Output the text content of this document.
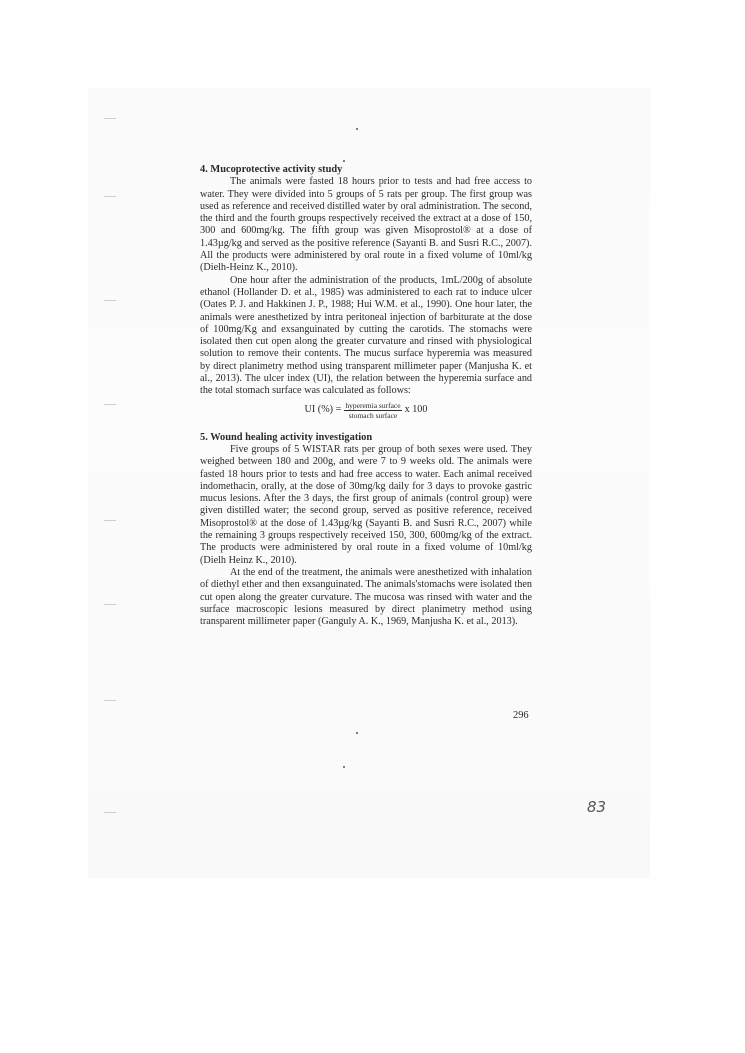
4. Mucoprotective activity study

The animals were fasted 18 hours prior to tests and had free access to water. They were divided into 5 groups of 5 rats per group. The first group was used as reference and received distilled water by oral administration. The second, the third and the fourth groups respectively received the extract at a dose of 150, 300 and 600mg/kg. The fifth group was given Misoprostol® at a dose of 1.43µg/kg and served as the positive reference (Sayanti B. and Susri R.C., 2007). All the products were administered by oral route in a fixed volume of 10ml/kg (Dielh-Heinz K., 2010).

One hour after the administration of the products, 1mL/200g of absolute ethanol (Hollander D. et al., 1985) was administered to each rat to induce ulcer (Oates P. J. and Hakkinen J. P., 1988; Hui W.M. et al., 1990). One hour later, the animals were anesthetized by intra peritoneal injection of barbiturate at the dose of 100mg/Kg and exsanguinated by cutting the carotids. The stomachs were isolated then cut open along the greater curvature and rinsed with physiological solution to remove their contents. The mucus surface hyperemia was measured by direct planimetry method using transparent millimeter paper (Manjusha K. et al., 2013). The ulcer index (UI), the relation between the hyperemia surface and the total stomach surface was calculated as follows:

UI (%) = $\frac{\text{hyperemia surface}}{\text{stomach surface}}$ x 100

5. Wound healing activity investigation

Five groups of 5 WISTAR rats per group of both sexes were used. They weighed between 180 and 200g, and were 7 to 9 weeks old. The animals were fasted 18 hours prior to tests and had free access to water. Each animal received indomethacin, orally, at the dose of 30mg/kg daily for 3 days to provoke gastric mucus lesions. After the 3 days, the first group of animals (control group) were given distilled water; the second group, served as positive reference, received Misoprostol® at the dose of 1.43µg/kg (Sayanti B. and Susri R.C., 2007) while the remaining 3 groups respectively received 150, 300, 600mg/kg of the extract. The products were administered by oral route in a fixed volume of 10ml/kg (Dielh Heinz K., 2010).

At the end of the treatment, the animals were anesthetized with inhalation of diethyl ether and then exsanguinated. The animals'stomachs were isolated then cut open along the greater curvature. The mucosa was rinsed with water and the surface macroscopic lesions measured by direct planimetry method using transparent millimeter paper (Ganguly A. K., 1969, Manjusha K. et al., 2013).

296
83
